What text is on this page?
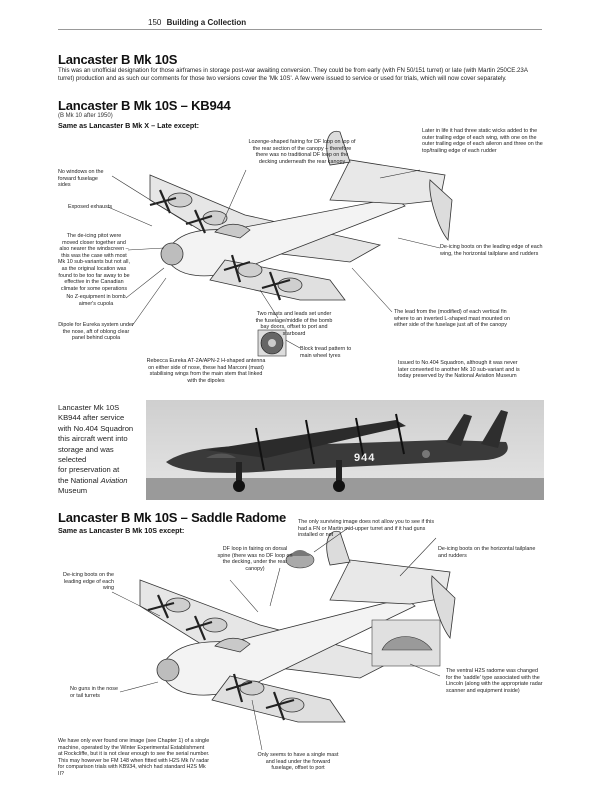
150 Building a Collection
Lancaster B Mk 10S
This was an unofficial designation for those airframes in storage post-war awaiting conversion. They could be from early (with FN 50/151 turret) or late (with Martin 250CE.23A turret) production and as such our comments for those two versions cover the 'Mk 10S'. A few were issued to service or used for trials, which will now cover separately.
Lancaster B Mk 10S – KB944
(B Mk 10 after 1950)
Same as Lancaster B Mk X – Late except:
No windows on the forward fuselage sides
Lozenge-shaped fairing for DF loop on top of the rear section of the canopy – therefore there was no traditional DF loop on the decking underneath the rear canopy
Later in life it had three static wicks added to the outer trailing edge of each wing, with one on the outer trailing edge of each aileron and three on the top/trailing edge of each rudder
Exposed exhausts
De-icing boots on the leading edge of each wing, the horizontal tailplane and rudders
The de-icing pitot were moved closer together and also nearer the windscreen – this was the case with most Mk 10 sub-variants but not all, as the original location was found to be too far away to be effective in the Canadian climate for some operations
No Z-equipment in bomb aimer's cupola
The lead from the (modified) of each vertical fin where to an inverted L-shaped mast mounted on either side of the fuselage just aft of the canopy
Dipole for Eureka system under the nose, aft of oblong clear panel behind cupola
Two masts and leads set under the fuselage/middle of the bomb bay doors, offset to port and starboard
Block tread pattern to main wheel tyres
Rebecca Eureka AT-2A/APN-2 H-shaped antenna on either side of nose, these had Marconi (mast) stabilising wings from the main stem that linked with the dipoles
Issued to No.404 Squadron, although it was never later converted to another Mk 10 sub-variant and is today preserved by the National Aviation Museum
Lancaster Mk 10S
KB944 after service
with No.404 Squadron
this aircraft went into
storage and was selected
for preservation at
the National Aviation
Museum
944
Lancaster B Mk 10S – Saddle Radome
Same as Lancaster B Mk 10S except:
The only surviving image does not allow you to see if this had a FN or Martin mid-upper turret and if it had guns installed or not
DF loop in fairing on dorsal spine (there was no DF loop on the decking, under the rear canopy)
De-icing boots on the horizontal tailplane and rudders
De-icing boots on the leading edge of each wing
The ventral H2S radome was changed for the 'saddle' type associated with the Lincoln (along with the appropriate radar scanner and equipment inside)
No guns in the nose or tail turrets
Only seems to have a single mast and lead under the forward fuselage, offset to port
We have only ever found one image (see Chapter 1) of a single machine, operated by the Winter Experimental Establishment at Rockcliffe, but it is not clear enough to see the serial number. This may however be FM 148 when fitted with H2S Mk IV radar for comparison trials with KB934, which had standard H2S Mk II?
